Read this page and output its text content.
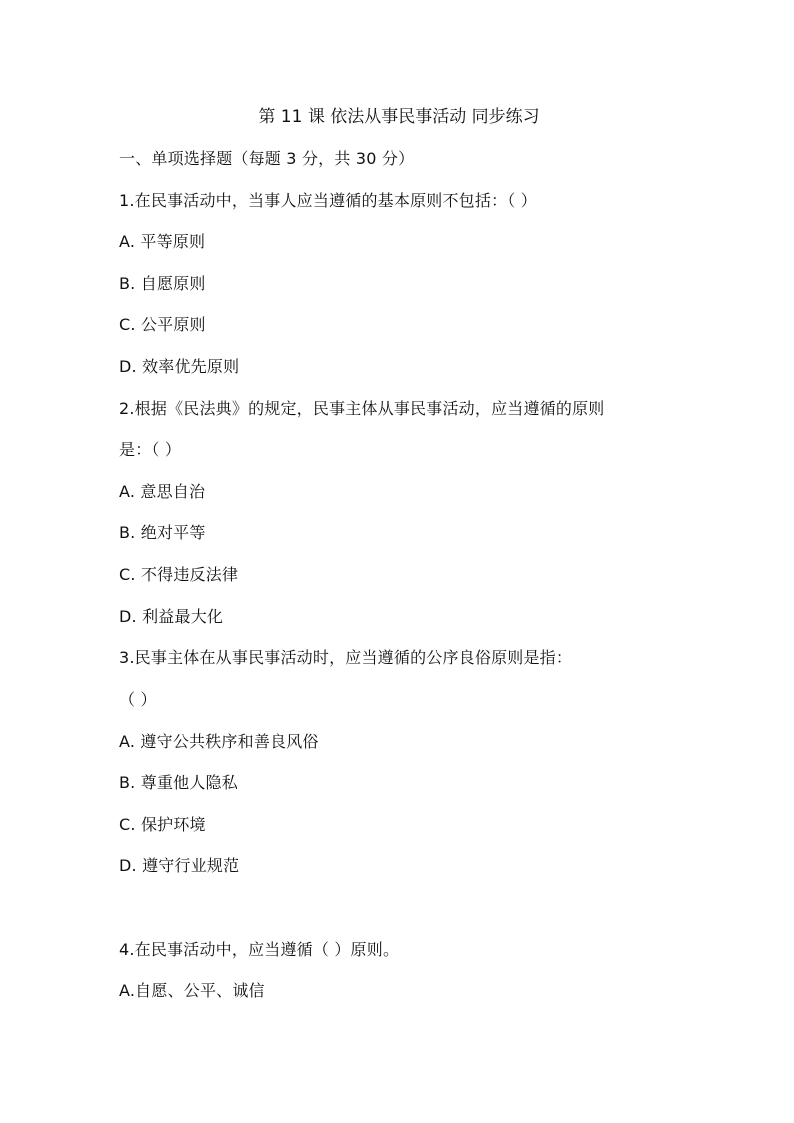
第 11 课 依法从事民事活动 同步练习
一、单项选择题（每题 3 分，共 30 分）
1.在民事活动中，当事人应当遵循的基本原则不包括：（ ）
A. 平等原则
B. 自愿原则
C. 公平原则
D. 效率优先原则
2.根据《民法典》的规定，民事主体从事民事活动，应当遵循的原则
是：（ ）
A. 意思自治
B. 绝对平等
C. 不得违反法律
D. 利益最大化
3.民事主体在从事民事活动时，应当遵循的公序良俗原则是指：
（ ）
A. 遵守公共秩序和善良风俗
B. 尊重他人隐私
C. 保护环境
D. 遵守行业规范
4.在民事活动中，应当遵循（ ）原则。
A.自愿、公平、诚信
